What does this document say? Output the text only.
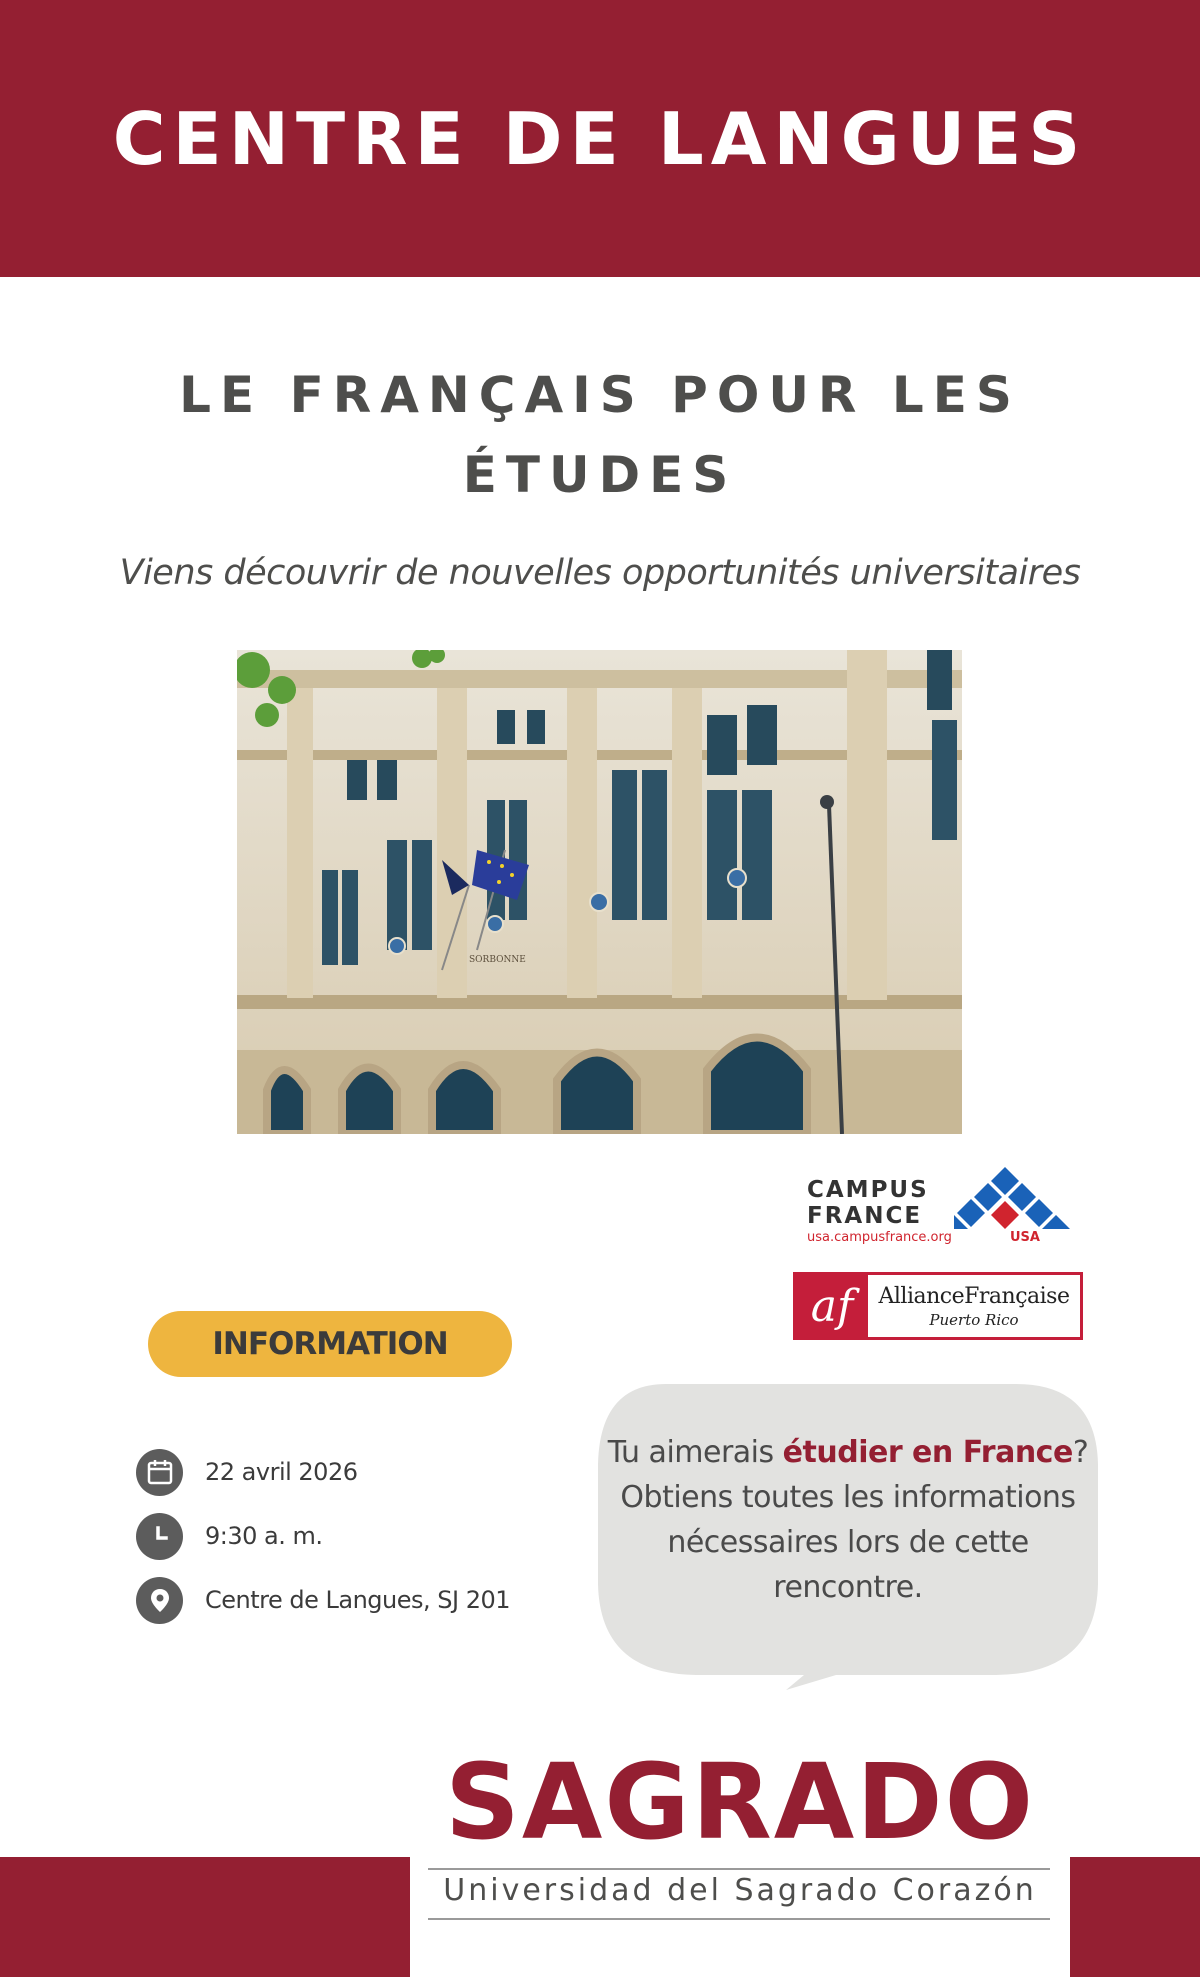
CENTRE DE LANGUES
LE FRANÇAIS POUR LES
ÉTUDES
Viens découvrir de nouvelles opportunités universitaires
SORBONNE
CAMPUS
FRANCE
usa.campusfrance.org	USA
af	AllianceFrançaise
Puerto Rico
INFORMATION
22 avril 2026
9:30 a. m.
Centre de Langues, SJ 201
Tu aimerais étudier en France?
Obtiens toutes les informations nécessaires lors de cette rencontre.
SAGRADO
Universidad del Sagrado Corazón
